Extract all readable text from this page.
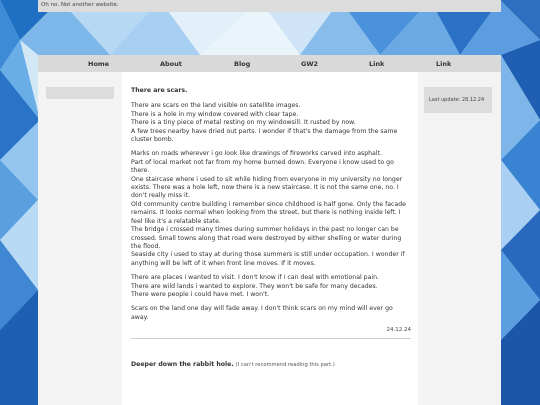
Oh no. Not another website.
Home	About	Blog	GW2	Link	Link
Last update: 28.12.24

There are scars.

There are scars on the land visible on satellite images.
There is a hole in my window covered with clear tape.
There is a tiny piece of metal resting on my windowsill. It rusted by now.
A few trees nearby have dried out parts. I wonder if that's the damage from the same cluster bomb.

Marks on roads wherever i go look like drawings of fireworks carved into asphalt.
Part of local market not far from my home burned down. Everyone i know used to go there.
One staircase where i used to sit while hiding from everyone in my university no longer exists. There was a hole left, now there is a new staircase. It is not the same one, no. I don't really miss it.
Old community centre building i remember since childhood is half gone. Only the facade remains. It looks normal when looking from the street, but there is nothing inside left. I feel like it's a relatable state.
The bridge i crossed many times during summer holidays in the past no longer can be crossed. Small towns along that road were destroyed by either shelling or water during the flood.
Seaside city i used to stay at during those summers is still under occupation. I wonder if anything will be left of it when front line moves. If it moves.

There are places i wanted to visit. I don't know if i can deal with emotional pain.
There are wild lands i wanted to explore. They won't be safe for many decades.
There were people i could have met. I won't.

Scars on the land one day will fade away. I don't think scars on my mind will ever go away.

24.12.24
Deeper down the rabbit hole. (I can't recommend reading this part.)
